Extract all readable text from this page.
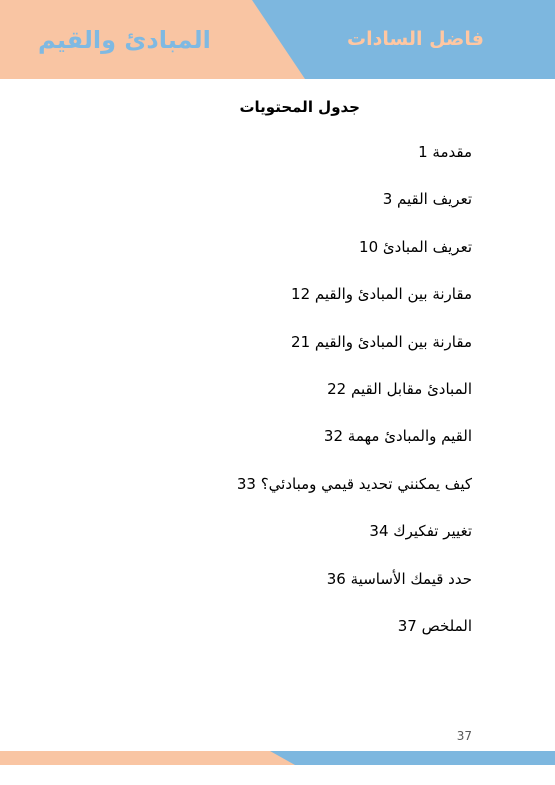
المبادئ والقيم	فاضل السادات
جدول المحتويات
مقدمة 1
تعريف القيم 3
تعريف المبادئ 10
مقارنة بين المبادئ والقيم 12
مقارنة بين المبادئ والقيم 21
المبادئ مقابل القيم 22
القيم والمبادئ مهمة 32
كيف يمكنني تحديد قيمي ومبادئي؟ 33
تغيير تفكيرك 34
حدد قيمك الأساسية 36
الملخص 37
37
